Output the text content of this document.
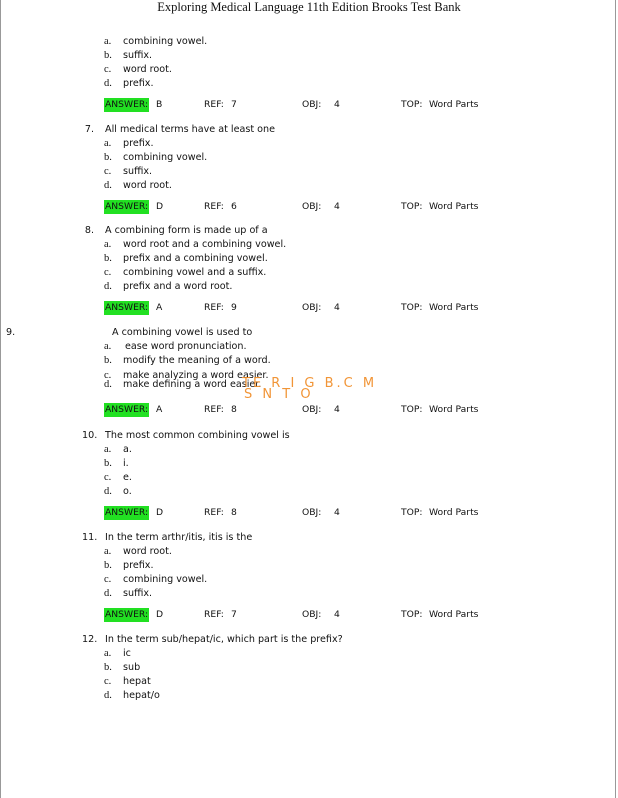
Exploring Medical Language 11th Edition Brooks Test Bank
a. combining vowel.
b. suffix.
c. word root.
d. prefix.
ANSWER: B	REF: 7	OBJ: 4	TOP: Word Parts
7. All medical terms have at least one
a. prefix.
b. combining vowel.
c. suffix.
d. word root.
ANSWER: D	REF: 6	OBJ: 4	TOP: Word Parts
8. A combining form is made up of a
a. word root and a combining vowel.
b. prefix and a combining vowel.
c. combining vowel and a suffix.
d. prefix and a word root.
ANSWER: A	REF: 9	OBJ: 4	TOP: Word Parts
9.	A combining vowel is used to
a. ease word pronunciation.
b. modify the meaning of a word.
c. make analyzing a word easier.
d. make defining a word easier.
ANSWER: A	REF: 8	OBJ: 4	TOP: Word Parts
TE R I G B.C M
S N T O
10. The most common combining vowel is
a. a.
b. i.
c. e.
d. o.
ANSWER: D	REF: 8	OBJ: 4	TOP: Word Parts
11. In the term arthr/itis, itis is the
a. word root.
b. prefix.
c. combining vowel.
d. suffix.
ANSWER: D	REF: 7	OBJ: 4	TOP: Word Parts
12. In the term sub/hepat/ic, which part is the prefix?
a. ic
b. sub
c. hepat
d. hepat/o
